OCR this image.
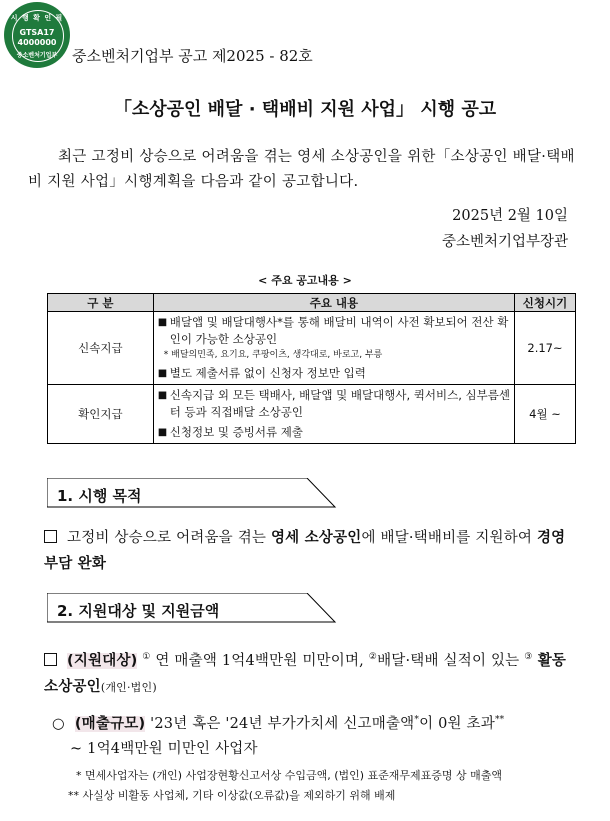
시 행 확 인 필
GTSA17
4000000
중소벤처기업부 중소벤처기업부 공고 제2025 - 82호
「소상공인 배달 · 택배비 지원 사업」 시행 공고
최근 고정비 상승으로 어려움을 겪는 영세 소상공인을 위한「소상공인 배달·택배비 지원 사업」시행계획을 다음과 같이 공고합니다.
2025년 2월 10일
중소벤처기업부장관
< 주요 공고내용 >
구 분	주요 내용	신청시기
신속지급	■ 배달앱 및 배달대행사*를 통해 배달비 내역이 사전 확보되어 전산 확인이 가능한 소상공인
* 배달의민족, 요기요, 쿠팡이츠, 생각대로, 바로고, 부릉
■ 별도 제출서류 없이 신청자 정보만 입력	2.17~
확인지급	■ 신속지급 외 모든 택배사, 배달앱 및 배달대행사, 퀵서비스, 심부름센터 등과 직접배달 소상공인
■ 신청정보 및 증빙서류 제출	4월 ~
1. 시행 목적
고정비 상승으로 어려움을 겪는 영세 소상공인에 배달·택배비를 지원하여 경영부담 완화
2. 지원대상 및 지원금액
(지원대상) ① 연 매출액 1억4백만원 미만이며, ②배달·택배 실적이 있는 ③ 활동 소상공인(개인·법인)
○ (매출규모) '23년 혹은 '24년 부가가치세 신고매출액*이 0원 초과**
~ 1억4백만원 미만인 사업자
* 면세사업자는 (개인) 사업장현황신고서상 수입금액, (법인) 표준재무제표증명 상 매출액
** 사실상 비활동 사업체, 기타 이상값(오류값)을 제외하기 위해 배제
